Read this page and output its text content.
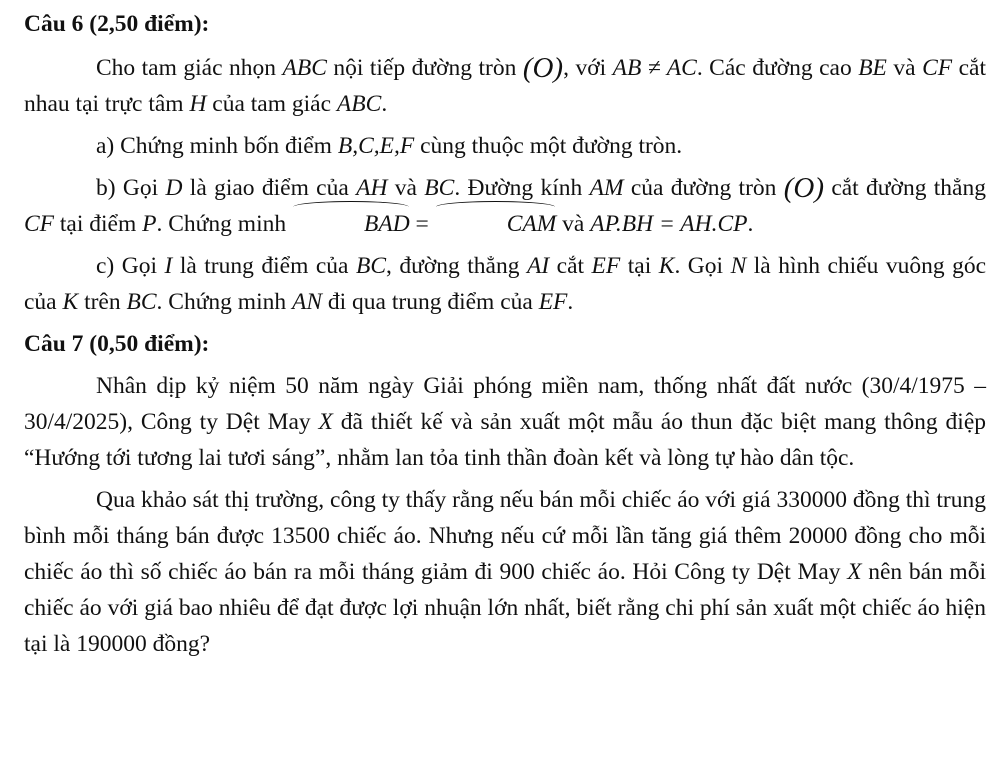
Câu 6 (2,50 điểm):

Cho tam giác nhọn ABC nội tiếp đường tròn (O), với AB ≠ AC. Các đường cao BE và CF cắt nhau tại trực tâm H của tam giác ABC.

a) Chứng minh bốn điểm B,C,E,F cùng thuộc một đường tròn.

b) Gọi D là giao điểm của AH và BC. Đường kính AM của đường tròn (O) cắt đường thẳng CF tại điểm P. Chứng minh	BAD =	CAM và AP.BH = AH.CP.

c) Gọi I là trung điểm của BC, đường thẳng AI cắt EF tại K. Gọi N là hình chiếu vuông góc của K trên BC. Chứng minh AN đi qua trung điểm của EF.

Câu 7 (0,50 điểm):

Nhân dịp kỷ niệm 50 năm ngày Giải phóng miền nam, thống nhất đất nước (30/4/1975 – 30/4/2025), Công ty Dệt May X đã thiết kế và sản xuất một mẫu áo thun đặc biệt mang thông điệp “Hướng tới tương lai tươi sáng”, nhằm lan tỏa tinh thần đoàn kết và lòng tự hào dân tộc.

Qua khảo sát thị trường, công ty thấy rằng nếu bán mỗi chiếc áo với giá 330000 đồng thì trung bình mỗi tháng bán được 13500 chiếc áo. Nhưng nếu cứ mỗi lần tăng giá thêm 20000 đồng cho mỗi chiếc áo thì số chiếc áo bán ra mỗi tháng giảm đi 900 chiếc áo. Hỏi Công ty Dệt May X nên bán mỗi chiếc áo với giá bao nhiêu để đạt được lợi nhuận lớn nhất, biết rằng chi phí sản xuất một chiếc áo hiện tại là 190000 đồng?
